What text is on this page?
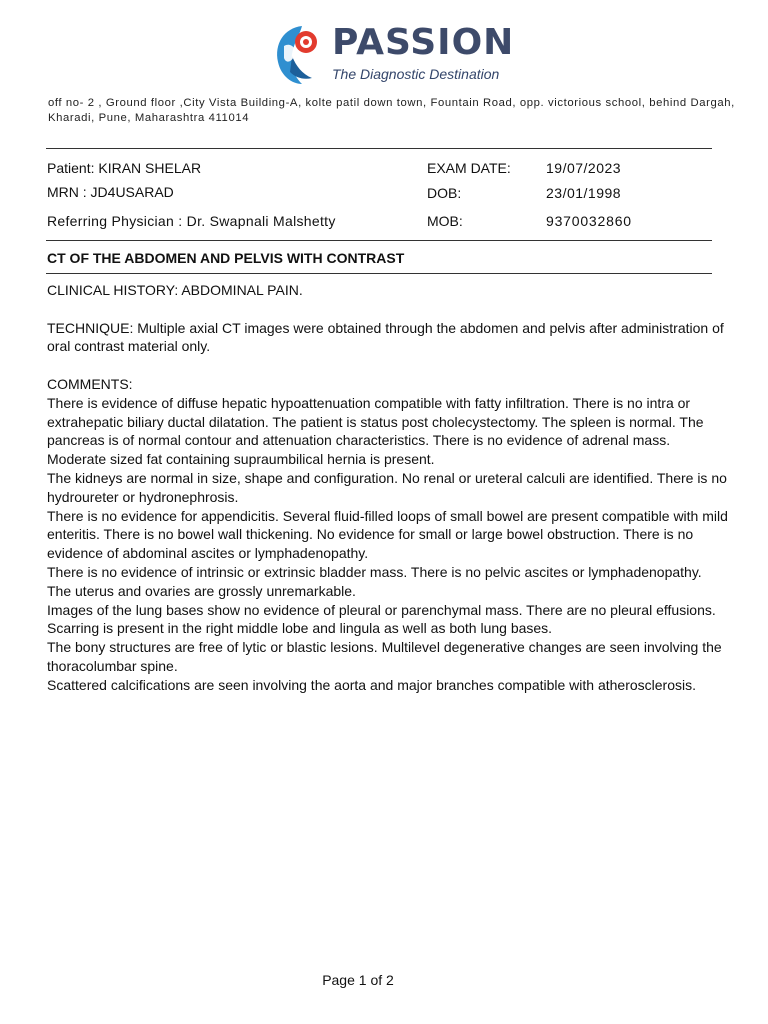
PASSION
The Diagnostic Destination
off no- 2 , Ground floor ,City Vista Building-A, kolte patil down town, Fountain Road, opp. victorious school, behind Dargah, Kharadi, Pune, Maharashtra 411014
Patient: KIRAN SHELAR
MRN : JD4USARAD
Referring Physician : Dr. Swapnali Malshetty
EXAM DATE:
DOB:
MOB:
19/07/2023
23/01/1998
9370032860
CT OF THE ABDOMEN AND PELVIS WITH CONTRAST

CLINICAL HISTORY: ABDOMINAL PAIN.

TECHNIQUE: Multiple axial CT images were obtained through the abdomen and pelvis after administration of oral contrast material only.

COMMENTS:
There is evidence of diffuse hepatic hypoattenuation compatible with fatty infiltration. There is no intra or extrahepatic biliary ductal dilatation. The patient is status post cholecystectomy. The spleen is normal. The pancreas is of normal contour and attenuation characteristics. There is no evidence of adrenal mass.
Moderate sized fat containing supraumbilical hernia is present.
The kidneys are normal in size, shape and configuration. No renal or ureteral calculi are identified. There is no hydroureter or hydronephrosis.
There is no evidence for appendicitis. Several fluid-filled loops of small bowel are present compatible with mild enteritis. There is no bowel wall thickening. No evidence for small or large bowel obstruction. There is no evidence of abdominal ascites or lymphadenopathy.
There is no evidence of intrinsic or extrinsic bladder mass. There is no pelvic ascites or lymphadenopathy.
The uterus and ovaries are grossly unremarkable.
Images of the lung bases show no evidence of pleural or parenchymal mass. There are no pleural effusions. Scarring is present in the right middle lobe and lingula as well as both lung bases.
The bony structures are free of lytic or blastic lesions. Multilevel degenerative changes are seen involving the thoracolumbar spine.
Scattered calcifications are seen involving the aorta and major branches compatible with atherosclerosis.
Page 1 of 2
